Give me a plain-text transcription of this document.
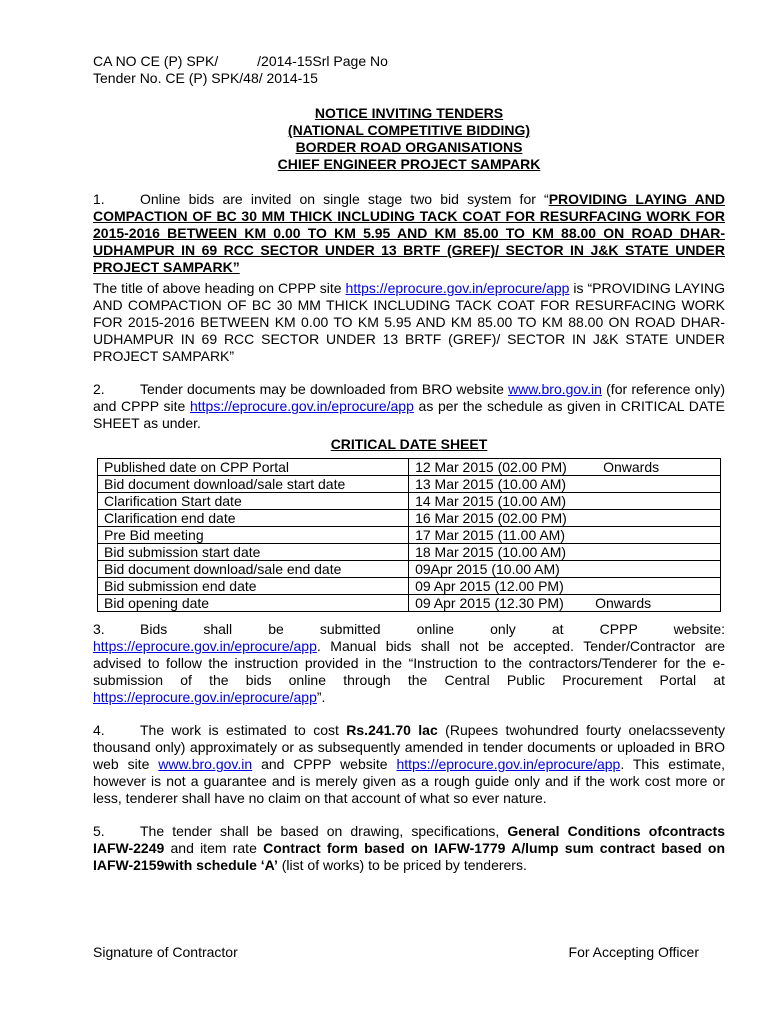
CA NO CE (P) SPK/          /2014-15Srl Page No
Tender No. CE (P) SPK/48/ 2014-15
NOTICE INVITING TENDERS
(NATIONAL COMPETITIVE BIDDING)
BORDER ROAD ORGANISATIONS
CHIEF ENGINEER PROJECT SAMPARK

1.	Online bids are invited on single stage two bid system for “PROVIDING LAYING AND COMPACTION OF BC 30 MM THICK INCLUDING TACK COAT FOR RESURFACING WORK FOR 2015-2016 BETWEEN KM 0.00 TO KM 5.95 AND KM 85.00 TO KM 88.00 ON ROAD DHAR-UDHAMPUR IN 69 RCC SECTOR UNDER 13 BRTF (GREF)/ SECTOR IN J&K STATE UNDER PROJECT SAMPARK”

The title of above heading on CPPP site https://eprocure.gov.in/eprocure/app is “PROVIDING LAYING AND COMPACTION OF BC 30 MM THICK INCLUDING TACK COAT FOR RESURFACING WORK FOR 2015-2016 BETWEEN KM 0.00 TO KM 5.95 AND KM 85.00 TO KM 88.00 ON ROAD DHAR-UDHAMPUR IN 69 RCC SECTOR UNDER 13 BRTF (GREF)/ SECTOR IN J&K STATE UNDER PROJECT SAMPARK”

2.	Tender documents may be downloaded from BRO website www.bro.gov.in (for reference only) and CPPP site https://eprocure.gov.in/eprocure/app as per the schedule as given in CRITICAL DATE SHEET as under.

CRITICAL DATE SHEET
Published date on CPP Portal	12 Mar 2015 (02.00 PM) Onwards
Bid document download/sale start date	13 Mar 2015 (10.00 AM)
Clarification Start date	14 Mar 2015 (10.00 AM)
Clarification end date	16 Mar 2015 (02.00 PM)
Pre Bid meeting	17 Mar 2015 (11.00 AM)
Bid submission start date	18 Mar 2015 (10.00 AM)
Bid document download/sale end date	09Apr 2015 (10.00 AM)
Bid submission end date	09 Apr 2015 (12.00 PM)
Bid opening date	09 Apr 2015 (12.30 PM) Onwards

3.	Bids shall be submitted online only at CPPP website:

https://eprocure.gov.in/eprocure/app. Manual bids shall not be accepted. Tender/Contractor are advised to follow the instruction provided in the “Instruction to the contractors/Tenderer for the e-submission of the bids online through the Central Public Procurement Portal at https://eprocure.gov.in/eprocure/app”.

4.	The work is estimated to cost Rs.241.70 lac (Rupees twohundred fourty onelacsseventy thousand only) approximately or as subsequently amended in tender documents or uploaded in BRO web site www.bro.gov.in and CPPP website https://eprocure.gov.in/eprocure/app. This estimate, however is not a guarantee and is merely given as a rough guide only and if the work cost more or less, tenderer shall have no claim on that account of what so ever nature.

5.	The tender shall be based on drawing, specifications, General Conditions ofcontracts IAFW-2249 and item rate Contract form based on IAFW-1779 A/lump sum contract based on IAFW-2159with schedule ‘A’ (list of works) to be priced by tenderers.

Signature of Contractor	For Accepting Officer
